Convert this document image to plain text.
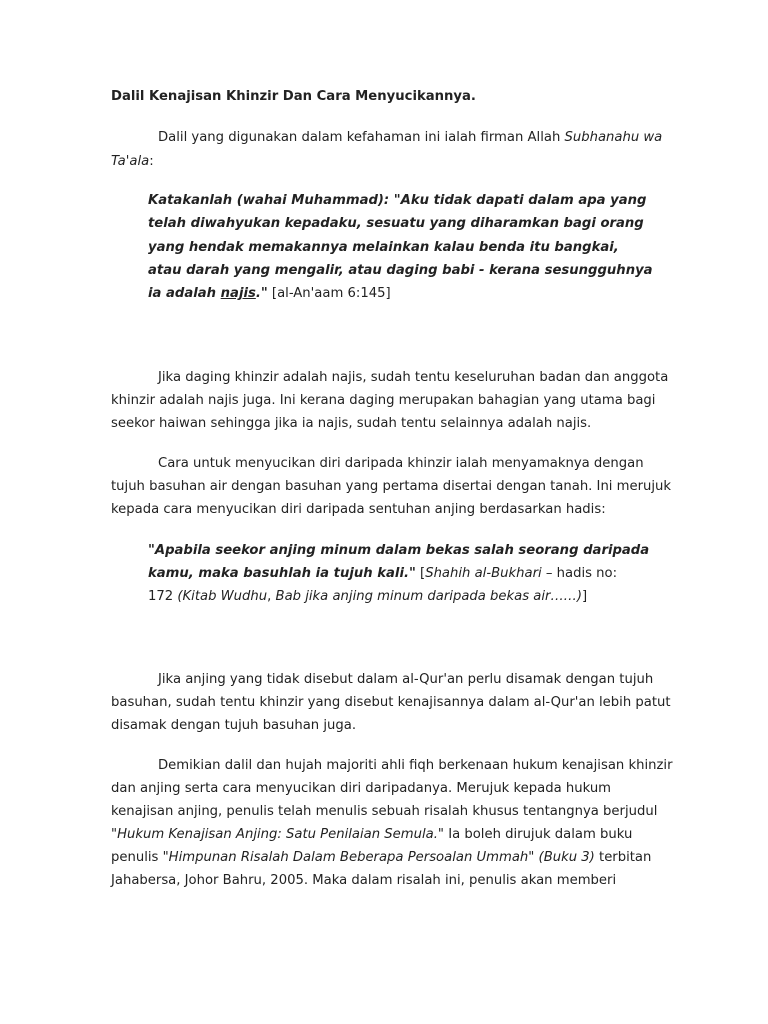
Dalil Kenajisan Khinzir Dan Cara Menyucikannya.
Dalil yang digunakan dalam kefahaman ini ialah firman Allah Subhanahu wa
Ta'ala:
Katakanlah (wahai Muhammad): "Aku tidak dapati dalam apa yang
telah diwahyukan kepadaku, sesuatu yang diharamkan bagi orang
yang hendak memakannya melainkan kalau benda itu bangkai,
atau darah yang mengalir, atau daging babi - kerana sesungguhnya
ia adalah najis." [al-An'aam 6:145]
Jika daging khinzir adalah najis, sudah tentu keseluruhan badan dan anggota
khinzir adalah najis juga. Ini kerana daging merupakan bahagian yang utama bagi
seekor haiwan sehingga jika ia najis, sudah tentu selainnya adalah najis.
Cara untuk menyucikan diri daripada khinzir ialah menyamaknya dengan
tujuh basuhan air dengan basuhan yang pertama disertai dengan tanah. Ini merujuk
kepada cara menyucikan diri daripada sentuhan anjing berdasarkan hadis:
"Apabila seekor anjing minum dalam bekas salah seorang daripada
kamu, maka basuhlah ia tujuh kali." [Shahih al-Bukhari – hadis no:
172 (Kitab Wudhu, Bab jika anjing minum daripada bekas air……)]
Jika anjing yang tidak disebut dalam al-Qur'an perlu disamak dengan tujuh
basuhan, sudah tentu khinzir yang disebut kenajisannya dalam al-Qur'an lebih patut
disamak dengan tujuh basuhan juga.
Demikian dalil dan hujah majoriti ahli fiqh berkenaan hukum kenajisan khinzir
dan anjing serta cara menyucikan diri daripadanya. Merujuk kepada hukum
kenajisan anjing, penulis telah menulis sebuah risalah khusus tentangnya berjudul
"Hukum Kenajisan Anjing: Satu Penilaian Semula." Ia boleh dirujuk dalam buku
penulis "Himpunan Risalah Dalam Beberapa Persoalan Ummah" (Buku 3) terbitan
Jahabersa, Johor Bahru, 2005. Maka dalam risalah ini, penulis akan memberi
